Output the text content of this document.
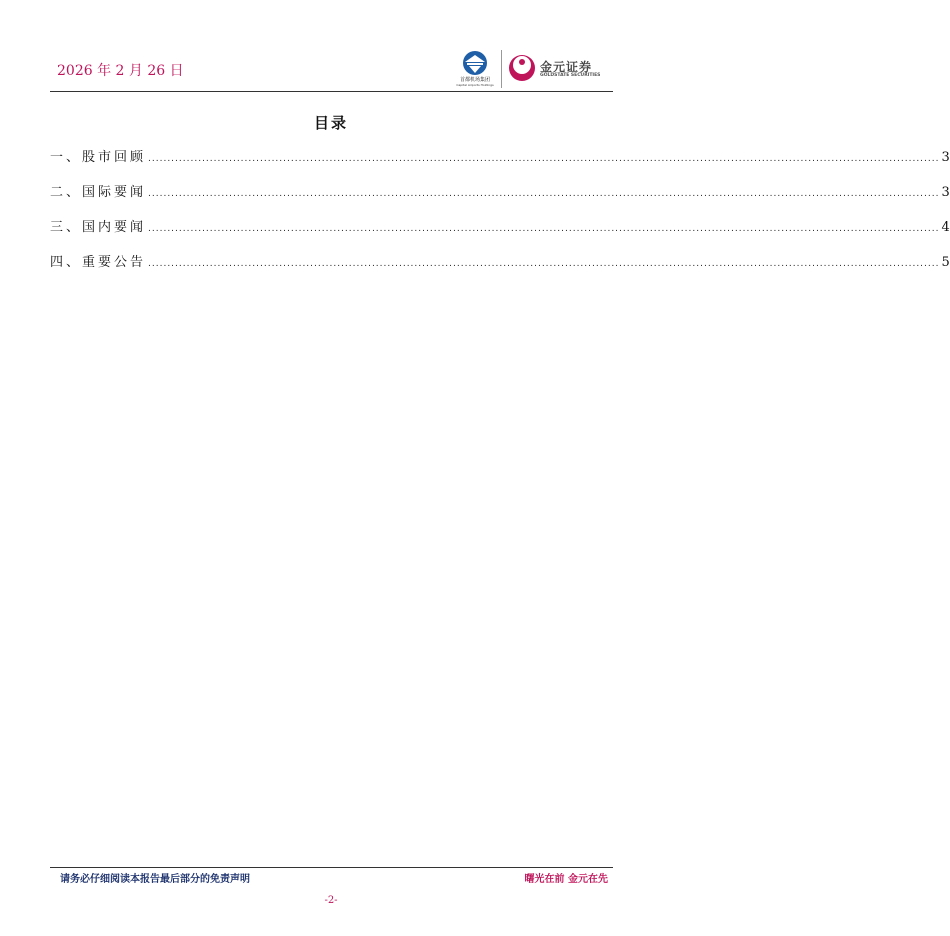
2026 年 2 月 26 日
首都机场集团
Capital Airports Holdings
金元证券
GOLDSTATE SECURITIES
目录
一、股市回顾 ............................................................................................................................................................................................................. 3
二、国际要闻 ............................................................................................................................................................................................................. 3
三、国内要闻 ............................................................................................................................................................................................................. 4
四、重要公告 ............................................................................................................................................................................................................. 5
请务必仔细阅读本报告最后部分的免责声明	曙光在前 金元在先
-2-
